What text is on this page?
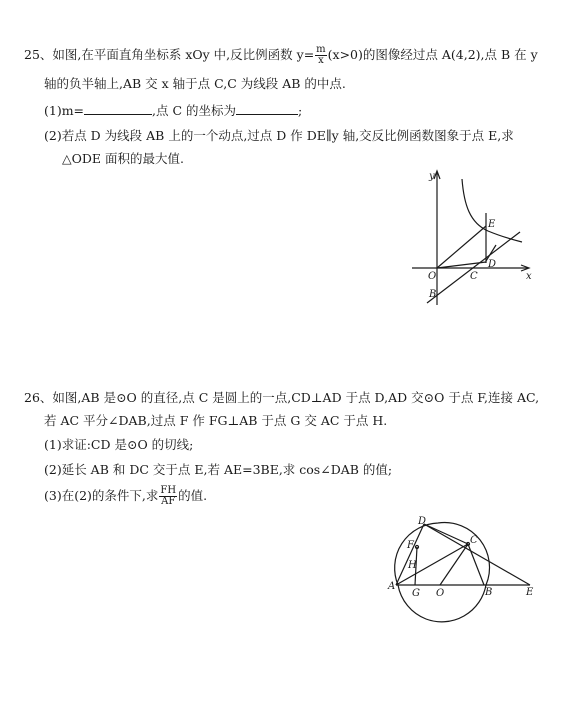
25、如图,在平面直角坐标系 xOy 中,反比例函数 $y= \frac{m}{x} (x>0)$的图像经过点 A(4,2),点 B 在 y
轴的负半轴上,AB 交 x 轴于点 C,C 为线段 AB 的中点.
(1)m=	,点 C 的坐标为	;
(2)若点 D 为线段 AB 上的一个动点,过点 D 作 DE∥y 轴,交反比例函数图象于点 E,求
△ODE 面积的最大值.
y
x
O	C
D
E
B
26、如图,AB 是⊙O 的直径,点 C 是圆上的一点,CD⊥AD 于点 D,AD 交⊙O 于点 F,连接 AC,
若 AC 平分∠DAB,过点 F 作 FG⊥AB 于点 G 交 AC 于点 H.
(1)求证:CD 是⊙O 的切线;
(2)延长 AB 和 DC 交于点 E,若 AE=3BE,求 cos∠DAB 的值;
(3)在(2)的条件下,求 $\frac{FH}{AF}$ 的值.
D
F	C
H
A
G O	B	E
